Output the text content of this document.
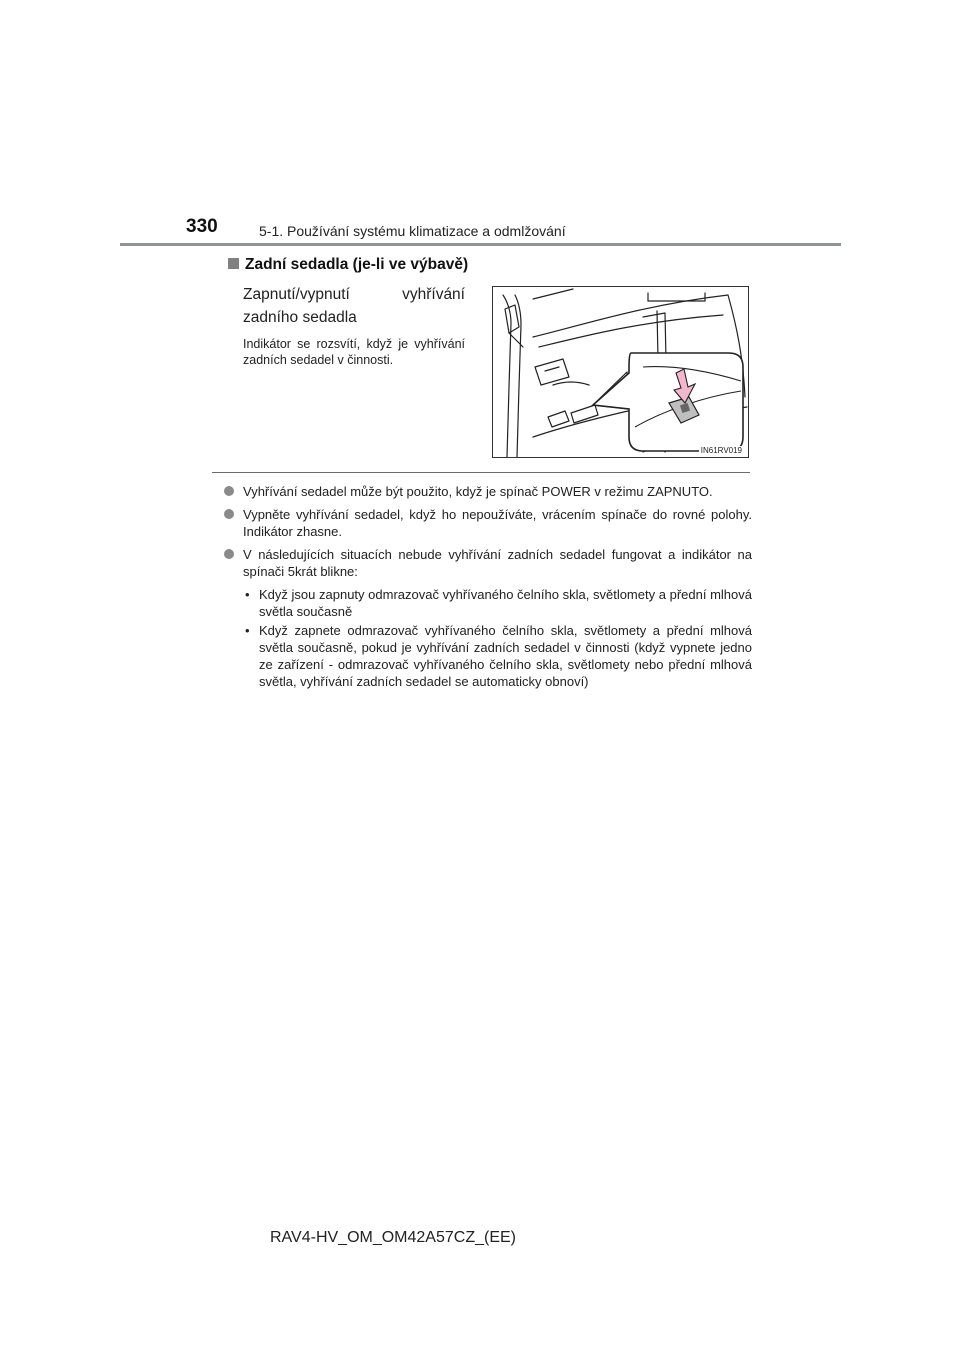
330	5-1. Používání systému klimatizace a odmlžování
Zadní sedadla (je-li ve výbavě)
Zapnutí/vypnutí vyhřívání zadního sedadla
Indikátor se rozsvítí, když je vyhřívání zadních sedadel v činnosti.
IN61RV019
Vyhřívání sedadel může být použito, když je spínač POWER v režimu ZAPNUTO.
Vypněte vyhřívání sedadel, když ho nepoužíváte, vrácením spínače do rovné polohy. Indikátor zhasne.
V následujících situacích nebude vyhřívání zadních sedadel fungovat a indikátor na spínači 5krát blikne:
• Když jsou zapnuty odmrazovač vyhřívaného čelního skla, světlomety a přední mlhová světla současně
• Když zapnete odmrazovač vyhřívaného čelního skla, světlomety a přední mlhová světla současně, pokud je vyhřívání zadních sedadel v činnosti (když vypnete jedno ze zařízení - odmrazovač vyhřívaného čelního skla, světlomety nebo přední mlhová světla, vyhřívání zadních sedadel se automaticky obnoví)
RAV4-HV_OM_OM42A57CZ_(EE)
